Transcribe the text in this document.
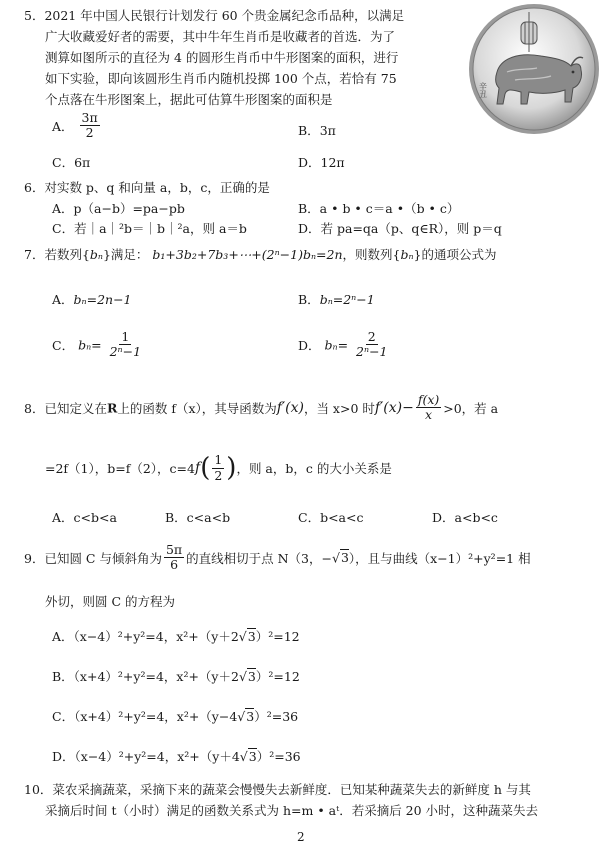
5．2021 年中国人民银行计划发行 60 个贵金属纪念币品种，以满足
广大收藏爱好者的需要，其中牛年生肖币是收藏者的首选．为了
测算如图所示的直径为 4 的圆形生肖币中牛形图案的面积，进行
如下实验，即向该圆形生肖币内随机投掷 100 个点，若恰有 75
个点落在牛形图案上，据此可估算牛形图案的面积是
A． $\frac{3\pi}{2}$	B．3π
C．6π	D．12π
辛丑
6．对实数 p、q 和向量 a，b，c，正确的是
A．p（a−b）=pa−pb	B．a • b • c＝a •（b • c）
C．若｜a｜²b＝｜b｜²a，则 a＝b	D．若 pa=qa（p、q∈R），则 p＝q
7．若数列{bₙ}满足： b₁+3b₂+7b₃+⋯+(2ⁿ−1)bₙ=2n，则数列{bₙ}的通项公式为
A．bₙ=2n−1	B．bₙ=2ⁿ−1
C． $b_n= \frac{1}{\text{2ⁿ−1}}$	D． $b_n= \frac{2}{\text{2ⁿ−1}}$
8．已知定义在R上的函数 f（x），其导函数为f′(x)，当 x>0 时$f'(x)- \frac{f(x)}{x} >0$，若 a
=2f（1），b=f（2），$c=4f( \frac{1}{2}$ )，则 a，b，c 的大小关系是
A．c<b<a	B．c<a<b	C．b<a<c	D．a<b<c
9．已知圆 C 与倾斜角为 $\frac{5\pi}{6}$ 的直线相切于点 N（3，−√3），且与曲线（x−1）²+y²=1 相
外切，则圆 C 的方程为
A．（x−4）²+y²=4，x²+（y＋2√3）²=12
B．（x+4）²+y²=4，x²+（y＋2√3）²=12
C．（x+4）²+y²=4，x²+（y−4√3）²=36
D．（x−4）²+y²=4，x²+（y＋4√3）²=36
10．菜农采摘蔬菜，采摘下来的蔬菜会慢慢失去新鲜度．已知某种蔬菜失去的新鲜度 h 与其
采摘后时间 t（小时）满足的函数关系式为 h=m • aᵗ．若采摘后 20 小时，这种蔬菜失去
2
